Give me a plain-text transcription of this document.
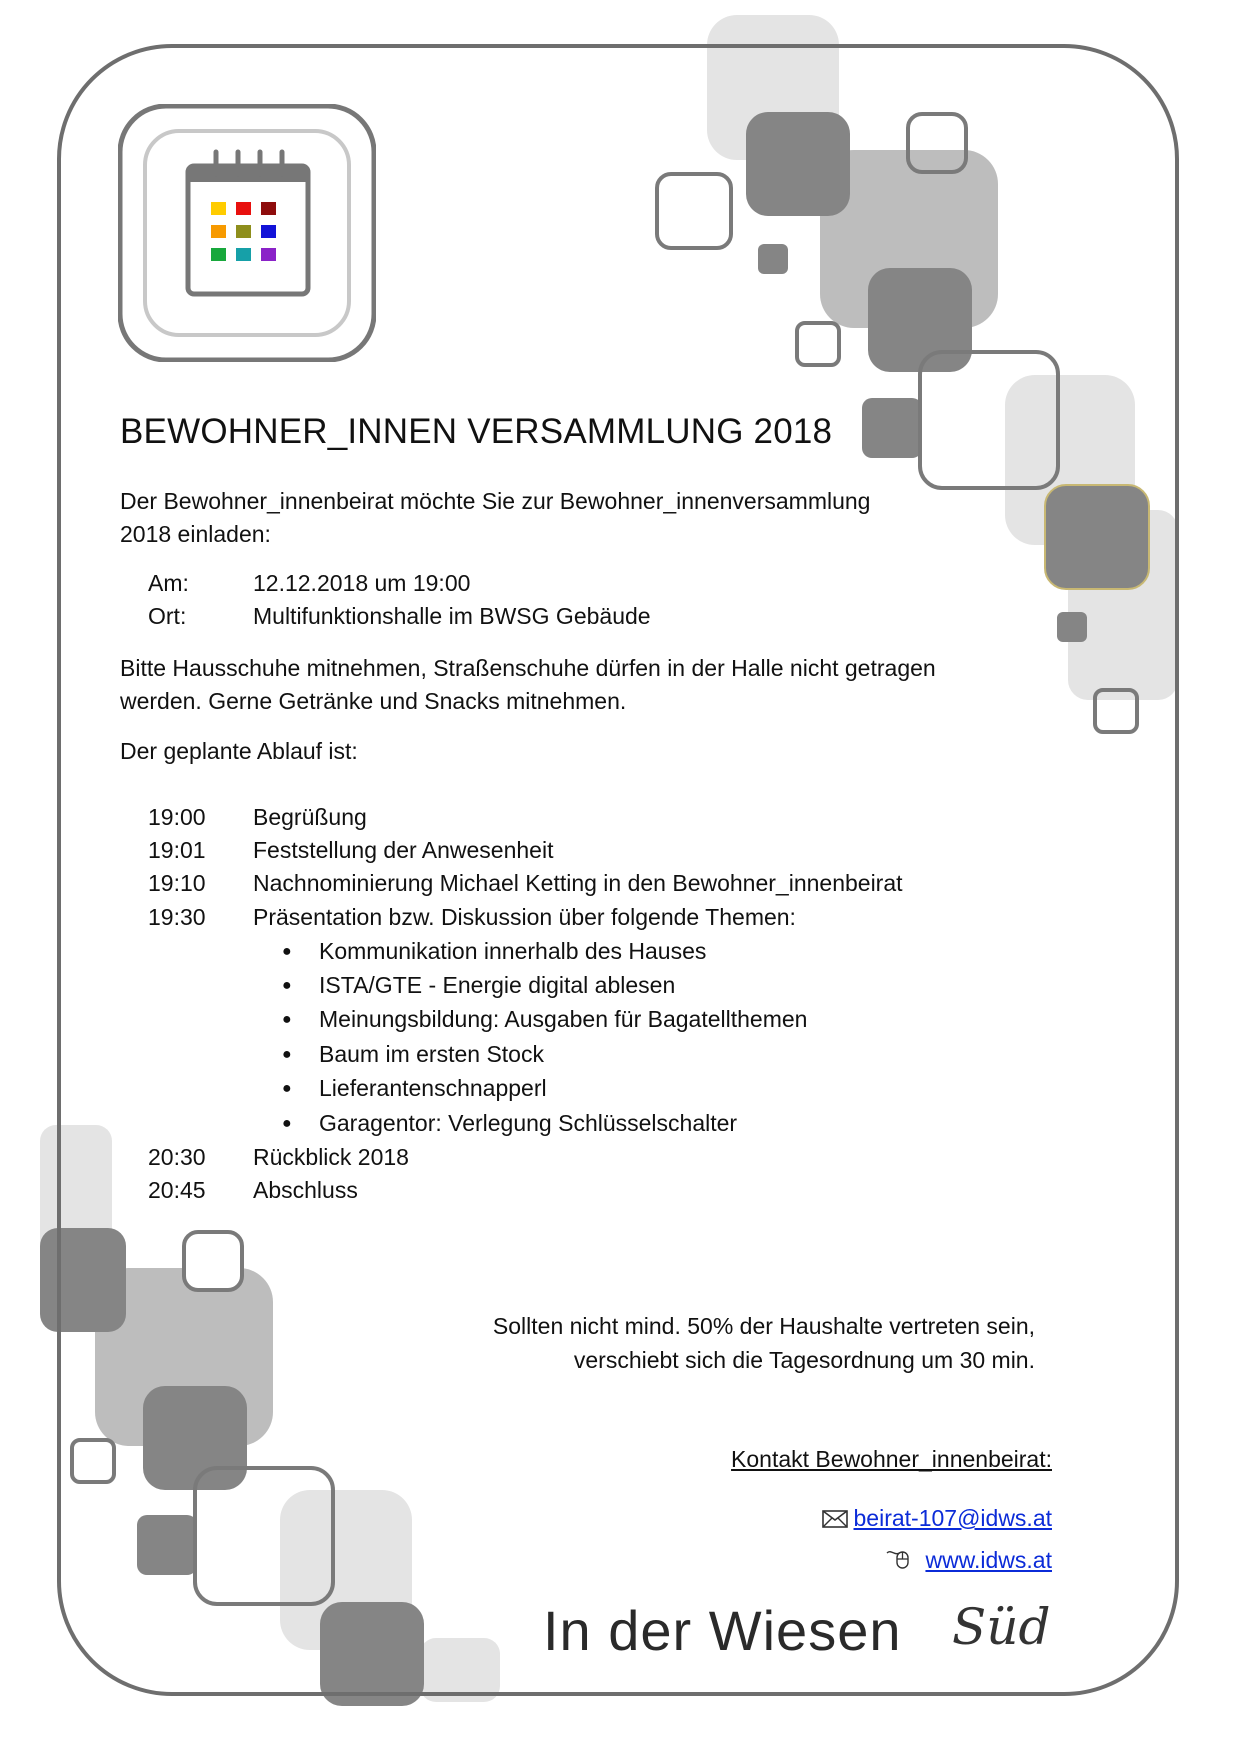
BEWOHNER_INNEN VERSAMMLUNG 2018
Der Bewohner_innenbeirat möchte Sie zur Bewohner_innenversammlung
2018 einladen:
Am:	12.12.2018 um 19:00
Ort:	Multifunktionshalle im BWSG Gebäude
Bitte Hausschuhe mitnehmen, Straßenschuhe dürfen in der Halle nicht getragen
werden. Gerne Getränke und Snacks mitnehmen.
Der geplante Ablauf ist:
19:00 Begrüßung
19:01 Feststellung der Anwesenheit
19:10 Nachnominierung Michael Ketting in den Bewohner_innenbeirat
19:30 Präsentation bzw. Diskussion über folgende Themen:
● Kommunikation innerhalb des Hauses
● ISTA/GTE - Energie digital ablesen
● Meinungsbildung: Ausgaben für Bagatellthemen
● Baum im ersten Stock
● Lieferantenschnapperl
● Garagentor: Verlegung Schlüsselschalter
20:30 Rückblick 2018
20:45 Abschluss
Sollten nicht mind. 50% der Haushalte vertreten sein,
verschiebt sich die Tagesordnung um 30 min.
Kontakt Bewohner_innenbeirat:
beirat-107@idws.at
www.idws.at
In der Wiesen Süd
